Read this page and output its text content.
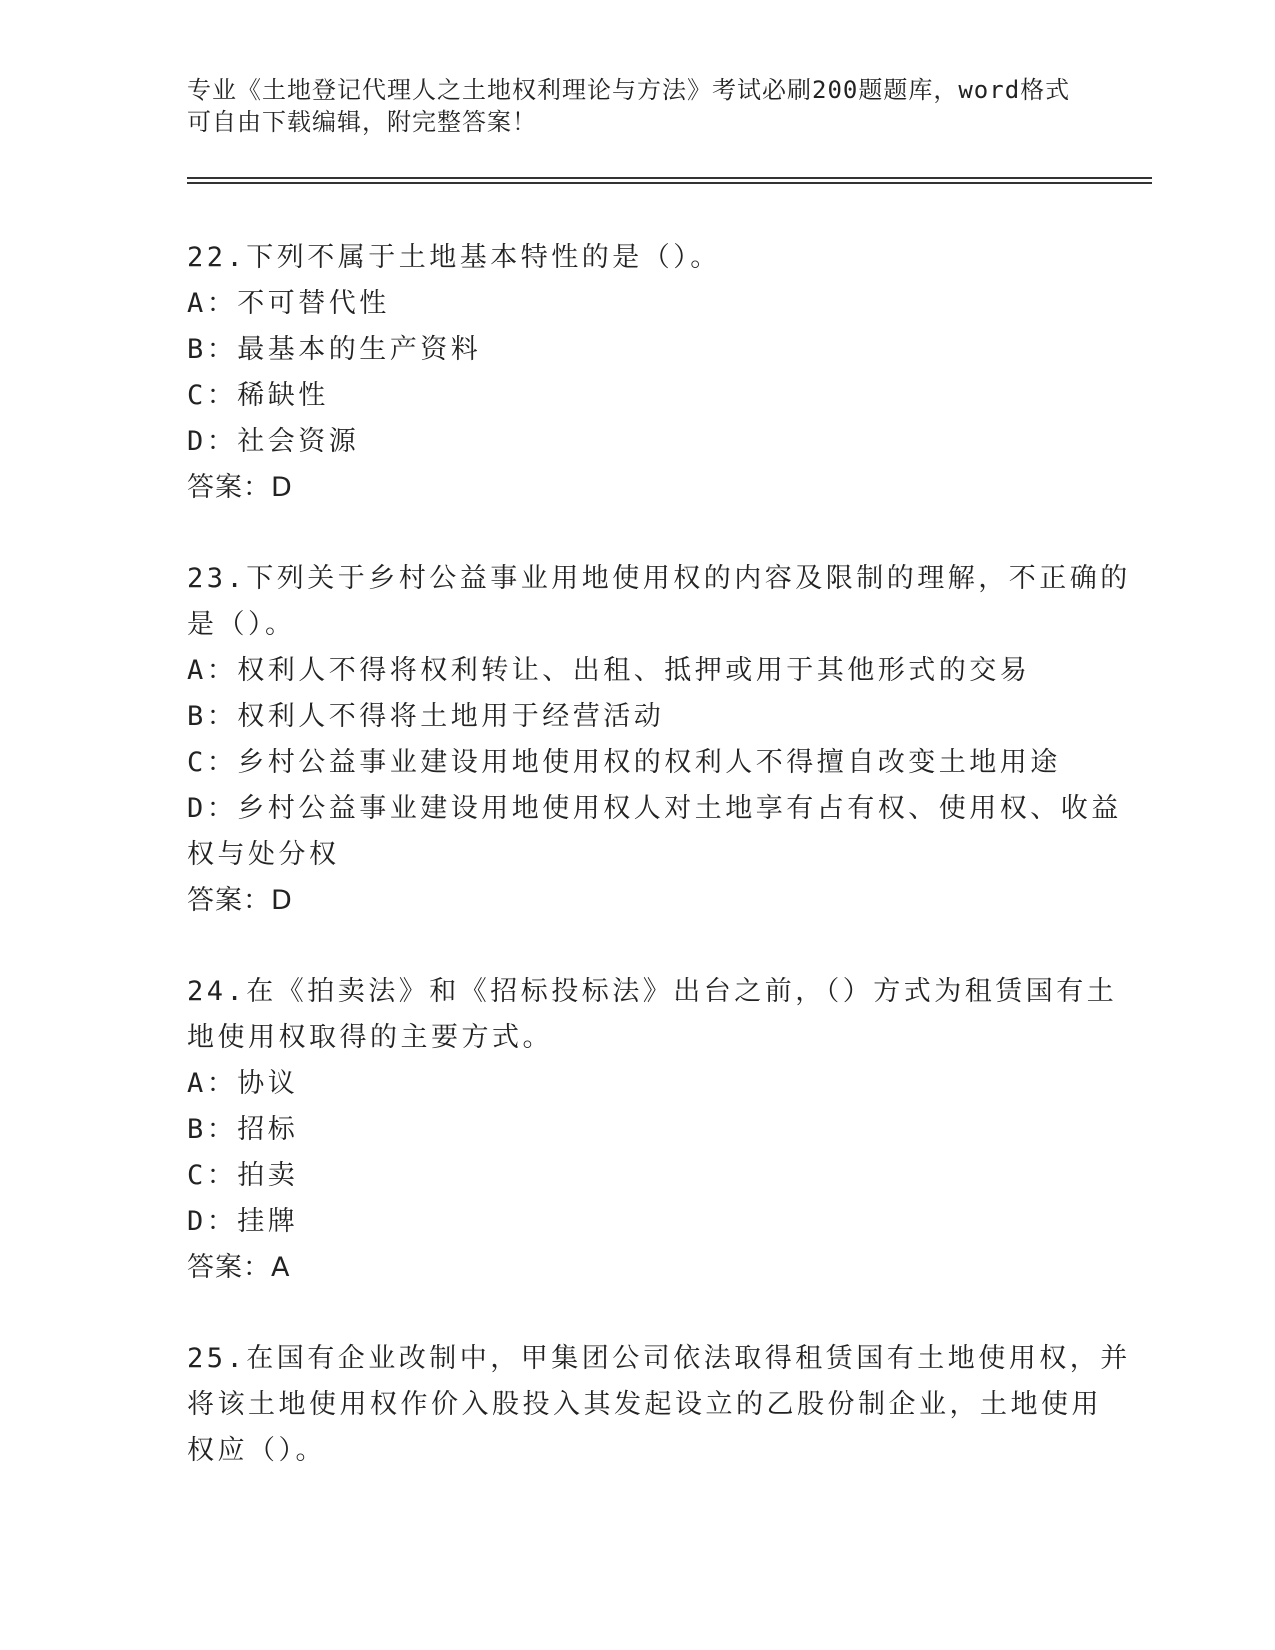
专业《土地登记代理人之土地权利理论与方法》考试必刷200题题库，word格式
可自由下载编辑，附完整答案！
22.下列不属于土地基本特性的是（）。
A：不可替代性
B：最基本的生产资料
C：稀缺性
D：社会资源
答案：D
23.下列关于乡村公益事业用地使用权的内容及限制的理解，不正确的
是（）。
A：权利人不得将权利转让、出租、抵押或用于其他形式的交易
B：权利人不得将土地用于经营活动
C：乡村公益事业建设用地使用权的权利人不得擅自改变土地用途
D：乡村公益事业建设用地使用权人对土地享有占有权、使用权、收益
权与处分权
答案：D
24.在《拍卖法》和《招标投标法》出台之前，（）方式为租赁国有土
地使用权取得的主要方式。
A：协议
B：招标
C：拍卖
D：挂牌
答案：A
25.在国有企业改制中，甲集团公司依法取得租赁国有土地使用权，并
将该土地使用权作价入股投入其发起设立的乙股份制企业，土地使用
权应（）。
